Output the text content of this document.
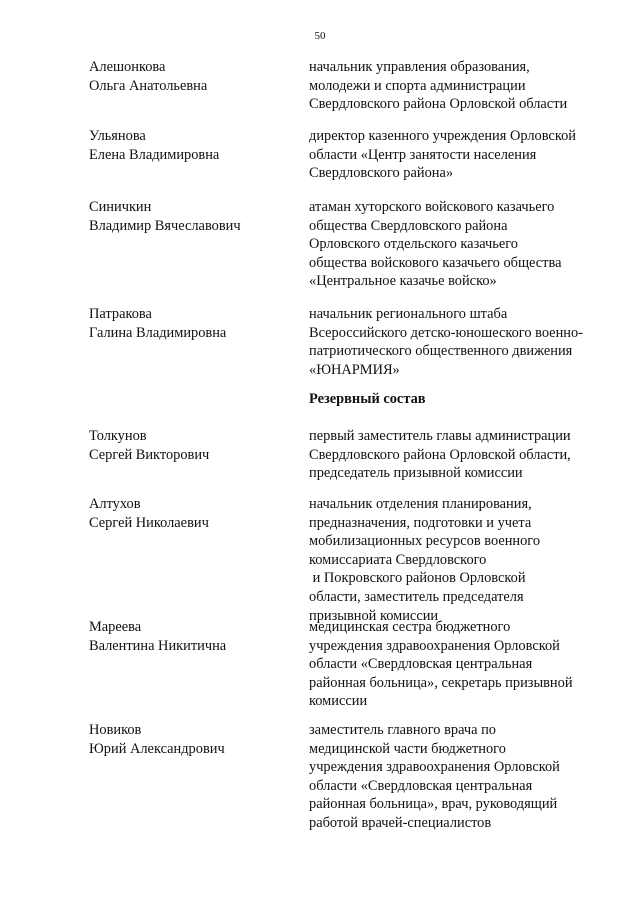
50
Алешонкова
Ольга Анатольевна
начальник управления образования,
молодежи и спорта администрации
Свердловского района Орловской области
Ульянова
Елена Владимировна
директор казенного учреждения Орловской
области «Центр занятости населения
Свердловского района»
Синичкин
Владимир Вячеславович
атаман хуторского войскового казачьего
общества Свердловского района
Орловского отдельского казачьего
общества войскового казачьего общества
«Центральное казачье войско»
Патракова
Галина Владимировна
начальник регионального штаба
Всероссийского детско-юношеского военно-
патриотического общественного движения
«ЮНАРМИЯ»
Резервный состав
Толкунов
Сергей Викторович
первый заместитель главы администрации
Свердловского района Орловской области,
председатель призывной комиссии
Алтухов
Сергей Николаевич
начальник отделения планирования,
предназначения, подготовки и учета
мобилизационных ресурсов военного
комиссариата Свердловского
и Покровского районов Орловской
области, заместитель председателя
призывной комиссии
Мареева
Валентина Никитична
медицинская сестра бюджетного
учреждения здравоохранения Орловской
области «Свердловская центральная
районная больница», секретарь призывной
комиссии
Новиков
Юрий Александрович
заместитель главного врача по
медицинской части бюджетного
учреждения здравоохранения Орловской
области «Свердловская центральная
районная больница», врач, руководящий
работой врачей-специалистов
